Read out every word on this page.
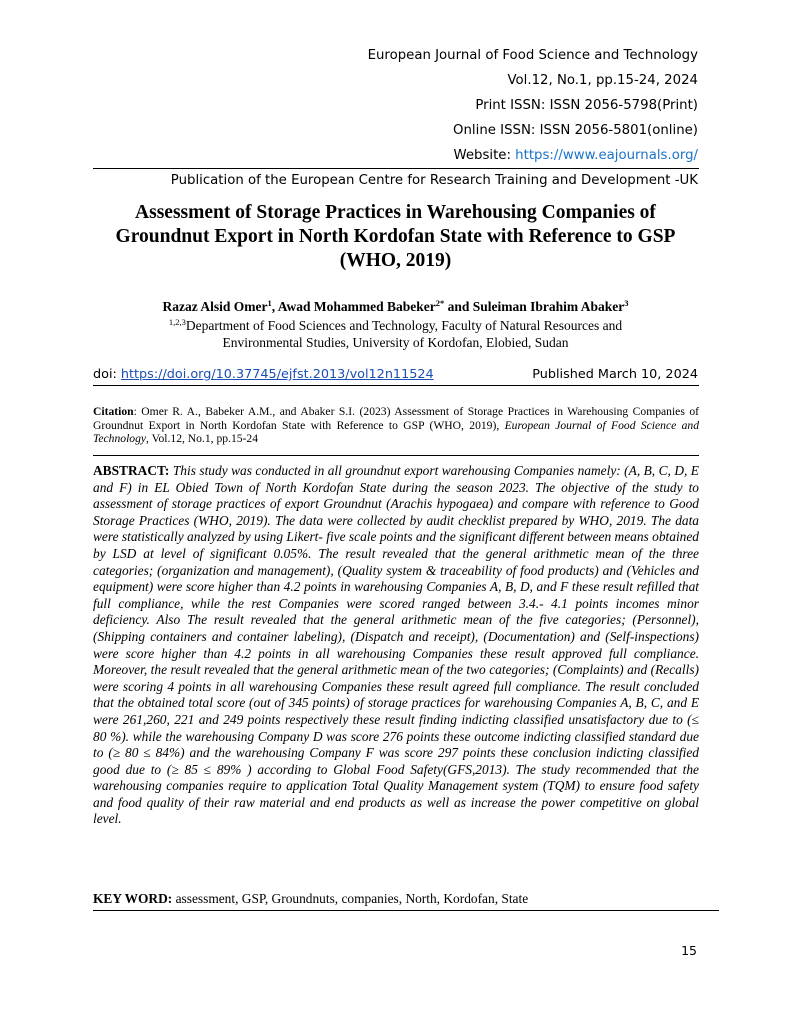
European Journal of Food Science and Technology
Vol.12, No.1, pp.15-24, 2024
Print ISSN: ISSN 2056-5798(Print)
Online ISSN: ISSN 2056-5801(online)
Website: https://www.eajournals.org/
Publication of the European Centre for Research Training and Development -UK
Assessment of Storage Practices in Warehousing Companies of
Groundnut Export in North Kordofan State with Reference to GSP
(WHO, 2019)
Razaz Alsid Omer$^1$, Awad Mohammed Babeker$^{2*}$ and Suleiman Ibrahim Abaker$^3$
$^{1,2,3}$Department of Food Sciences and Technology, Faculty of Natural Resources and
Environmental Studies, University of Kordofan, Elobied, Sudan
doi: https://doi.org/10.37745/ejfst.2013/vol12n11524	Published March 10, 2024
Citation: Omer R. A., Babeker A.M., and Abaker S.I. (2023) Assessment of Storage Practices in Warehousing Companies of Groundnut Export in North Kordofan State with Reference to GSP (WHO, 2019), European Journal of Food Science and Technology, Vol.12, No.1, pp.15-24
ABSTRACT: This study was conducted in all groundnut export warehousing Companies namely: (A, B, C, D, E and F) in EL Obied Town of North Kordofan State during the season 2023. The objective of the study to assessment of storage practices of export Groundnut (Arachis hypogaea) and compare with reference to Good Storage Practices (WHO, 2019). The data were collected by audit checklist prepared by WHO, 2019. The data were statistically analyzed by using Likert- five scale points and the significant different between means obtained by LSD at level of significant 0.05%. The result revealed that the general arithmetic mean of the three categories; (organization and management), (Quality system & traceability of food products) and (Vehicles and equipment) were score higher than 4.2 points in warehousing Companies A, B, D, and F these result refilled that full compliance, while the rest Companies were scored ranged between 3.4.- 4.1 points incomes minor deficiency. Also The result revealed that the general arithmetic mean of the five categories; (Personnel), (Shipping containers and container labeling), (Dispatch and receipt), (Documentation) and (Self-inspections) were score higher than 4.2 points in all warehousing Companies these result approved full compliance. Moreover, the result revealed that the general arithmetic mean of the two categories; (Complaints) and (Recalls) were scoring 4 points in all warehousing Companies these result agreed full compliance. The result concluded that the obtained total score (out of 345 points) of storage practices for warehousing Companies A, B, C, and E were 261,260, 221 and 249 points respectively these result finding indicting classified unsatisfactory due to (≤ 80 %). while the warehousing Company D was score 276 points these outcome indicting classified standard due to (≥ 80 ≤ 84%) and the warehousing Company F was score 297 points these conclusion indicting classified good due to (≥ 85 ≤ 89% ) according to Global Food Safety(GFS,2013). The study recommended that the warehousing companies require to application Total Quality Management system (TQM) to ensure food safety and food quality of their raw material and end products as well as increase the power competitive on global level.
KEY WORD: assessment, GSP, Groundnuts, companies, North, Kordofan, State
15
